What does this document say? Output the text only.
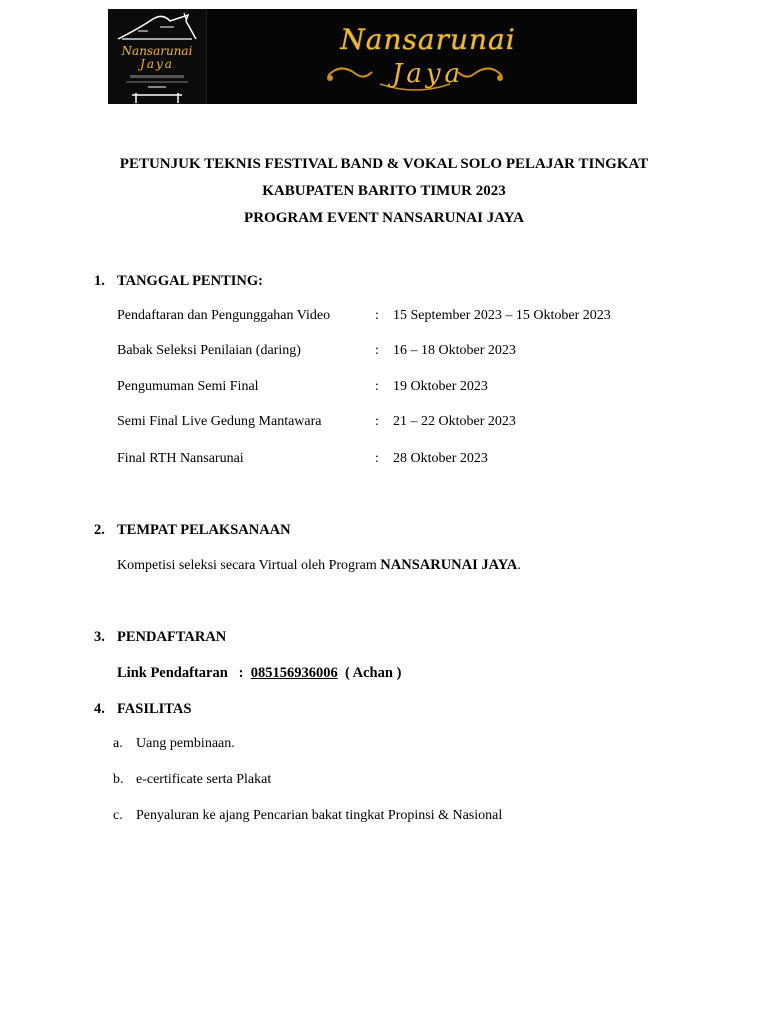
Nansarunai
Jaya
Nansarunai
Jaya
PETUNJUK TEKNIS FESTIVAL BAND & VOKAL SOLO PELAJAR TINGKAT
KABUPATEN BARITO TIMUR 2023
PROGRAM EVENT NANSARUNAI JAYA
1. TANGGAL PENTING:
Pendaftaran dan Pengunggahan Video	: 15 September 2023 – 15 Oktober 2023
Babak Seleksi Penilaian (daring)	: 16 – 18 Oktober 2023
Pengumuman Semi Final	: 19 Oktober 2023
Semi Final Live Gedung Mantawara	: 21 – 22 Oktober 2023
Final RTH Nansarunai	: 28 Oktober 2023
2. TEMPAT PELAKSANAAN
Kompetisi seleksi secara Virtual oleh Program NANSARUNAI JAYA.
3. PENDAFTARAN
Link Pendaftaran   :  085156936006  ( Achan )
4. FASILITAS
a. Uang pembinaan.
b. e-certificate serta Plakat
c. Penyaluran ke ajang Pencarian bakat tingkat Propinsi & Nasional
